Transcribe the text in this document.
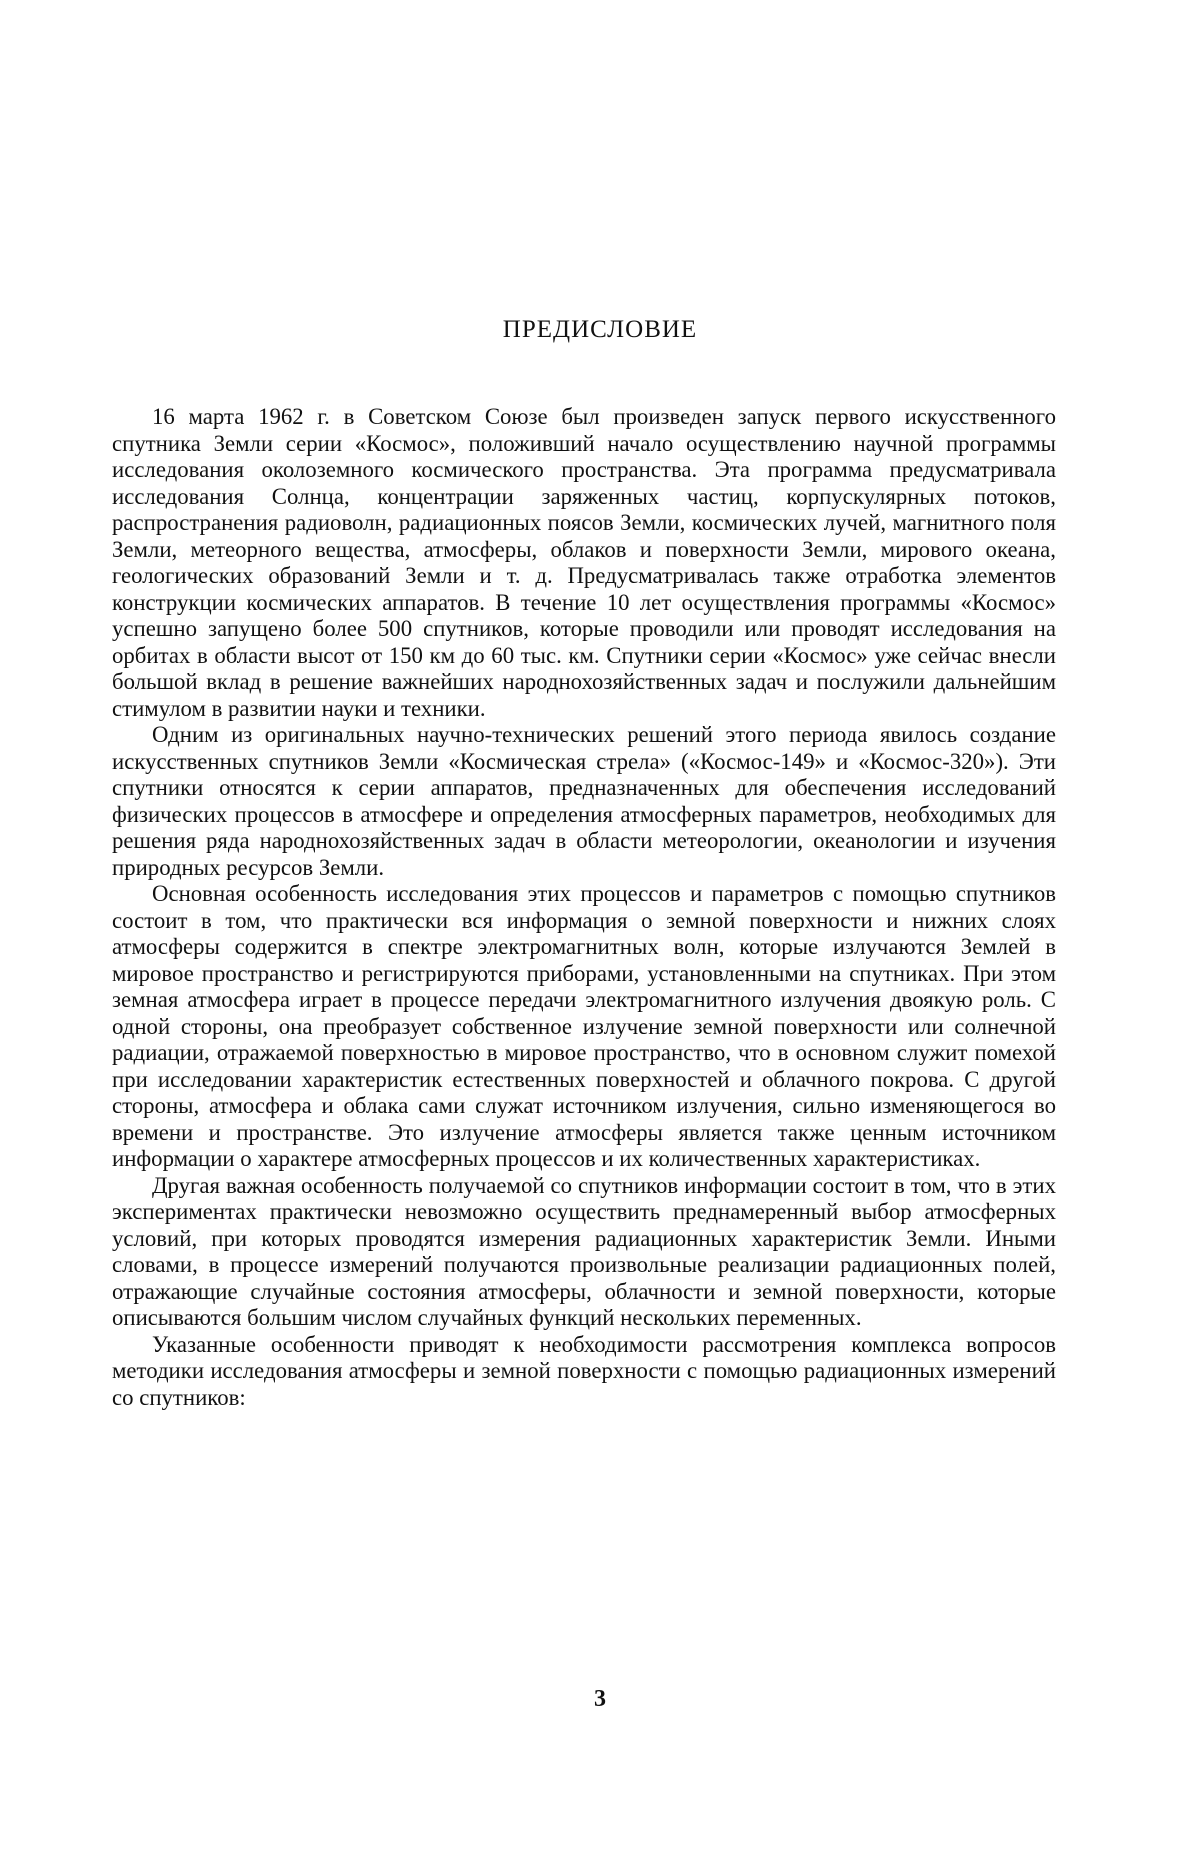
ПРЕДИСЛОВИЕ

16 марта 1962 г. в Советском Союзе был произведен запуск первого искусственного спутника Земли серии «Космос», положивший начало осуществлению научной программы исследования околоземного космического пространства. Эта программа предусматривала исследования Солнца, концентрации заряженных частиц, корпускулярных потоков, распространения радиоволн, радиационных поясов Земли, космических лучей, магнитного поля Земли, метеорного вещества, атмосферы, облаков и поверхности Земли, мирового океана, геологических образований Земли и т. д. Предусматривалась также отработка элементов конструкции космических аппаратов. В течение 10 лет осуществления программы «Космос» успешно запущено более 500 спутников, которые проводили или проводят исследования на орбитах в области высот от 150 км до 60 тыс. км. Спутники серии «Космос» уже сейчас внесли большой вклад в решение важнейших народнохозяйственных задач и послужили дальнейшим стимулом в развитии науки и техники.

Одним из оригинальных научно-технических решений этого периода явилось создание искусственных спутников Земли «Космическая стрела» («Космос-149» и «Космос-320»). Эти спутники относятся к серии аппаратов, предназначенных для обеспечения исследований физических процессов в атмосфере и определения атмосферных параметров, необходимых для решения ряда народнохозяйственных задач в области метеорологии, океанологии и изучения природных ресурсов Земли.

Основная особенность исследования этих процессов и параметров с помощью спутников состоит в том, что практически вся информация о земной поверхности и нижних слоях атмосферы содержится в спектре электромагнитных волн, которые излучаются Землей в мировое пространство и регистрируются приборами, установленными на спутниках. При этом земная атмосфера играет в процессе передачи электромагнитного излучения двоякую роль. С одной стороны, она преобразует собственное излучение земной поверхности или солнечной радиации, отражаемой поверхностью в мировое пространство, что в основном служит помехой при исследовании характеристик естественных поверхностей и облачного покрова. С другой стороны, атмосфера и облака сами служат источником излучения, сильно изменяющегося во времени и пространстве. Это излучение атмосферы является также ценным источником информации о характере атмосферных процессов и их количественных характеристиках.

Другая важная особенность получаемой со спутников информации состоит в том, что в этих экспериментах практически невозможно осуществить преднамеренный выбор атмосферных условий, при которых проводятся измерения радиационных характеристик Земли. Иными словами, в процессе измерений получаются произвольные реализации радиационных полей, отражающие случайные состояния атмосферы, облачности и земной поверхности, которые описываются большим числом случайных функций нескольких переменных.

Указанные особенности приводят к необходимости рассмотрения комплекса вопросов методики исследования атмосферы и земной поверхности с помощью радиационных измерений со спутников:

3
